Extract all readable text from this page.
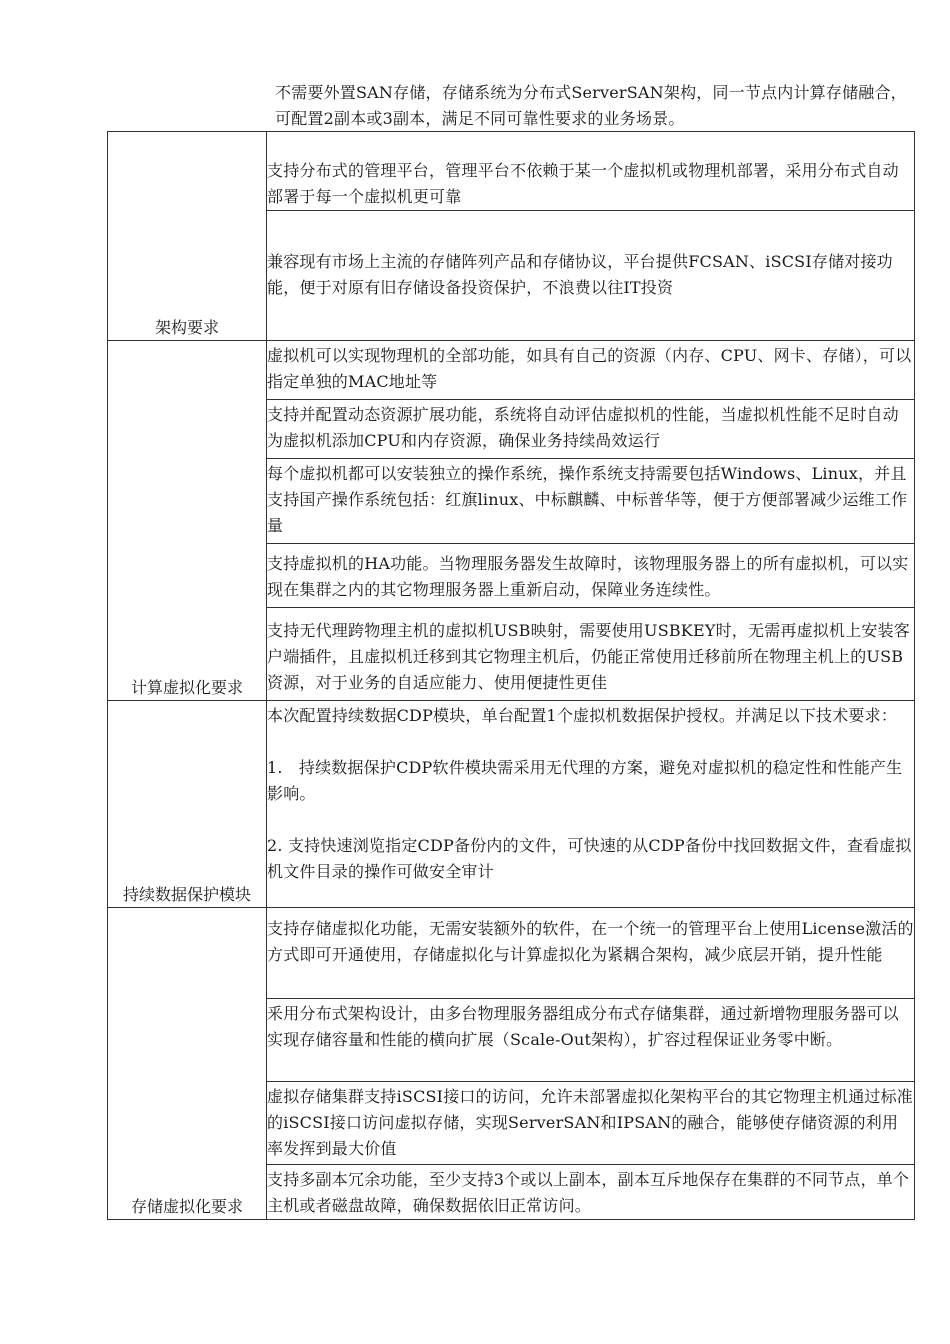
不需要外置SAN存储，存储系统为分布式ServerSAN架构，同一节点内计算存储融合，可配置2副本或3副本，满足不同可靠性要求的业务场景。
架构要求	支持分布式的管理平台，管理平台不依赖于某一个虚拟机或物理机部署，采用分布式自动部署于每一个虚拟机更可靠

	兼容现有市场上主流的存储阵列产品和存储协议，平台提供FCSAN、iSCSI存储对接功能，便于对原有旧存储设备投资保护，不浪费以往IT投资

计算虚拟化要求	虚拟机可以实现物理机的全部功能，如具有自己的资源（内存、CPU、网卡、存储），可以指定单独的MAC地址等

	支持并配置动态资源扩展功能，系统将自动评估虚拟机的性能，当虚拟机性能不足时自动为虚拟机添加CPU和内存资源，确保业务持续咼效运行

	每个虚拟机都可以安装独立的操作系统，操作系统支持需要包括Windows、Linux，并且支持国产操作系统包括：红旗linux、中标麒麟、中标普华等，便于方便部署减少运维工作量

	支持虚拟机的HA功能。当物理服务器发生故障时，该物理服务器上的所有虚拟机，可以实现在集群之内的其它物理服务器上重新启动，保障业务连续性。

	支持无代理跨物理主机的虚拟机USB映射，需要使用USBKEY时，无需再虚拟机上安装客户端插件，且虚拟机迁移到其它物理主机后，仍能正常使用迁移前所在物理主机上的USB资源，对于业务的自适应能力、使用便捷性更佳

持续数据保护模块	本次配置持续数据CDP模块，单台配置1个虚拟机数据保护授权。并满足以下技术要求：

1.　持续数据保护CDP软件模块需采用无代理的方案，避免对虚拟机的稳定性和性能产生影响。

2. 支持快速浏览指定CDP备份内的文件，可快速的从CDP备份中找回数据文件，查看虚拟机文件目录的操作可做安全审计

存储虚拟化要求	支持存储虚拟化功能，无需安装额外的软件，在一个统一的管理平台上使用License激活的方式即可开通使用，存储虚拟化与计算虚拟化为紧耦合架构，减少底层开销，提升性能

	釆用分布式架构设计，由多台物理服务器组成分布式存储集群，通过新增物理服务器可以实现存储容量和性能的横向扩展（Scale-Out架构），扩容过程保证业务零中断。

	虚拟存储集群支持iSCSI接口的访问，允许未部署虚拟化架构平台的其它物理主机通过标准的iSCSI接口访问虚拟存储，实现ServerSAN和IPSAN的融合，能够使存储资源的利用率发挥到最大价值

	支持多副本冗余功能，至少支持3个或以上副本，副本互斥地保存在集群的不同节点，单个主机或者磁盘故障，确保数据依旧正常访问。
